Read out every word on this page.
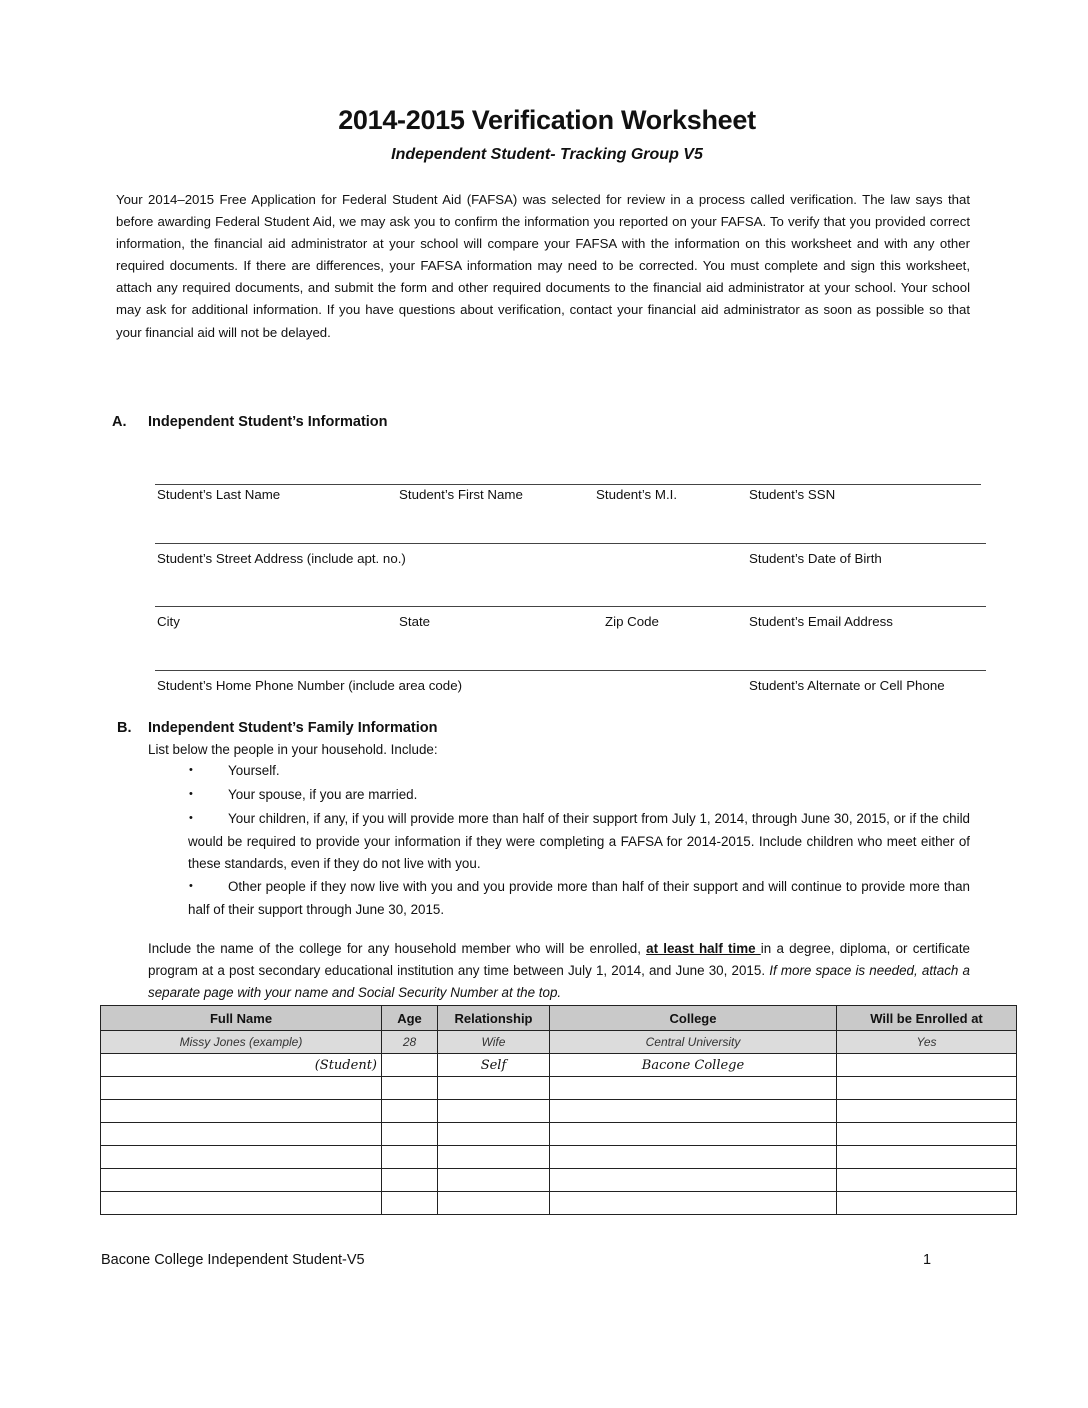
2014-2015 Verification Worksheet
Independent Student- Tracking Group V5
Your 2014–2015 Free Application for Federal Student Aid (FAFSA) was selected for review in a process called verification. The law says that before awarding Federal Student Aid, we may ask you to confirm the information you reported on your FAFSA. To verify that you provided correct information, the financial aid administrator at your school will compare your FAFSA with the information on this worksheet and with any other required documents. If there are differences, your FAFSA information may need to be corrected. You must complete and sign this worksheet, attach any required documents, and submit the form and other required documents to the financial aid administrator at your school. Your school may ask for additional information. If you have questions about verification, contact your financial aid administrator as soon as possible so that your financial aid will not be delayed.
A. Independent Student’s Information
Student’s Last Name	Student’s First Name	Student’s M.I.	Student’s SSN
Student’s Street Address (include apt. no.)	Student’s Date of Birth
City	State	Zip Code	Student’s Email Address
Student’s Home Phone Number (include area code)	Student’s Alternate or Cell Phone
B. Independent Student’s Family Information
List below the people in your household. Include:
•	Yourself.
•	Your spouse, if you are married.
•	Your children, if any, if you will provide more than half of their support from July 1, 2014, through June 30, 2015, or if the child would be required to provide your information if they were completing a FAFSA for 2014-2015. Include children who meet either of these standards, even if they do not live with you.
•	Other people if they now live with you and you provide more than half of their support and will continue to provide more than half of their support through June 30, 2015.
Include the name of the college for any household member who will be enrolled, at least half time in a degree, diploma, or certificate program at a post secondary educational institution any time between July 1, 2014, and June 30, 2015. If more space is needed, attach a separate page with your name and Social Security Number at the top.
Full Name	Age	Relationship	College	Will be Enrolled at
Missy Jones (example)	28	Wife	Central University	Yes
(Student)		Self	Bacone College	

Bacone College Independent Student-V5	1
